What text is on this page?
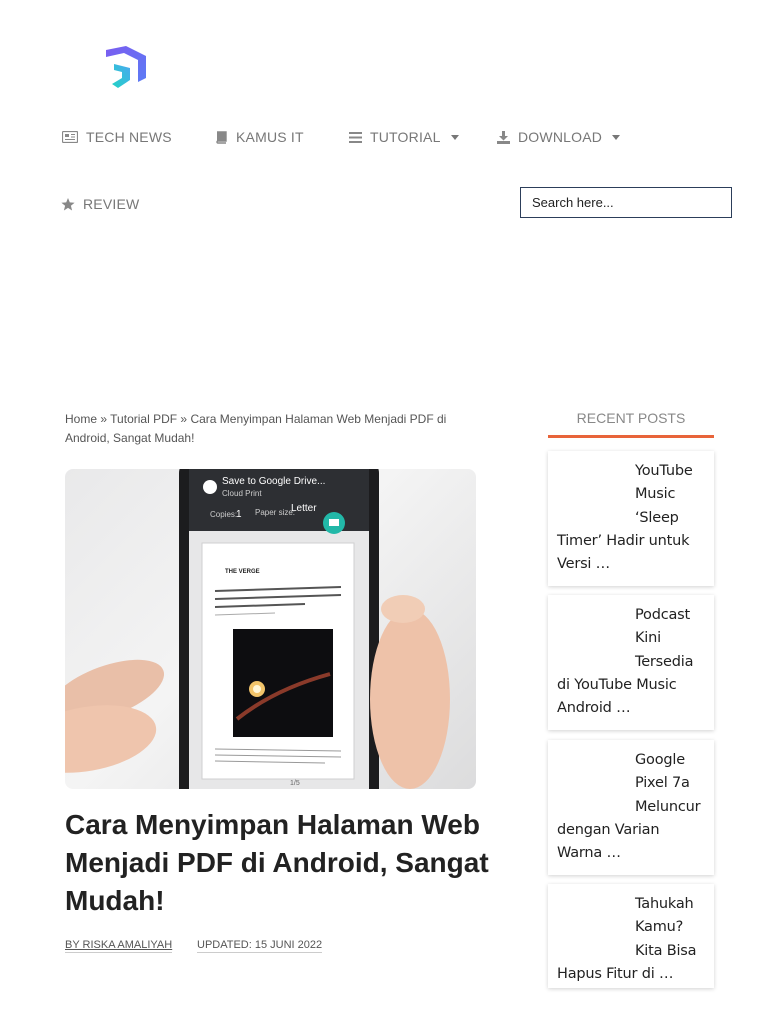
TECH NEWS	KAMUS IT	TUTORIAL	DOWNLOAD
REVIEW
Search here...
Home » Tutorial PDF » Cara Menyimpan Halaman Web Menjadi PDF di Android, Sangat Mudah!
Save to Google Drive...
Cloud Print
Copies:
1 Paper size:
Letter
THE VERGE
1/5
Cara Menyimpan Halaman Web Menjadi PDF di Android, Sangat Mudah!
BY RISKA AMALIYAH UPDATED: 15 JUNI 2022
RECENT POSTS
YouTube Music ‘Sleep Timer’ Hadir untuk Versi …
Podcast Kini Tersedia di YouTube Music Android …
Google Pixel 7a Meluncur dengan Varian Warna …
Tahukah Kamu? Kita Bisa Hapus Fitur di …
